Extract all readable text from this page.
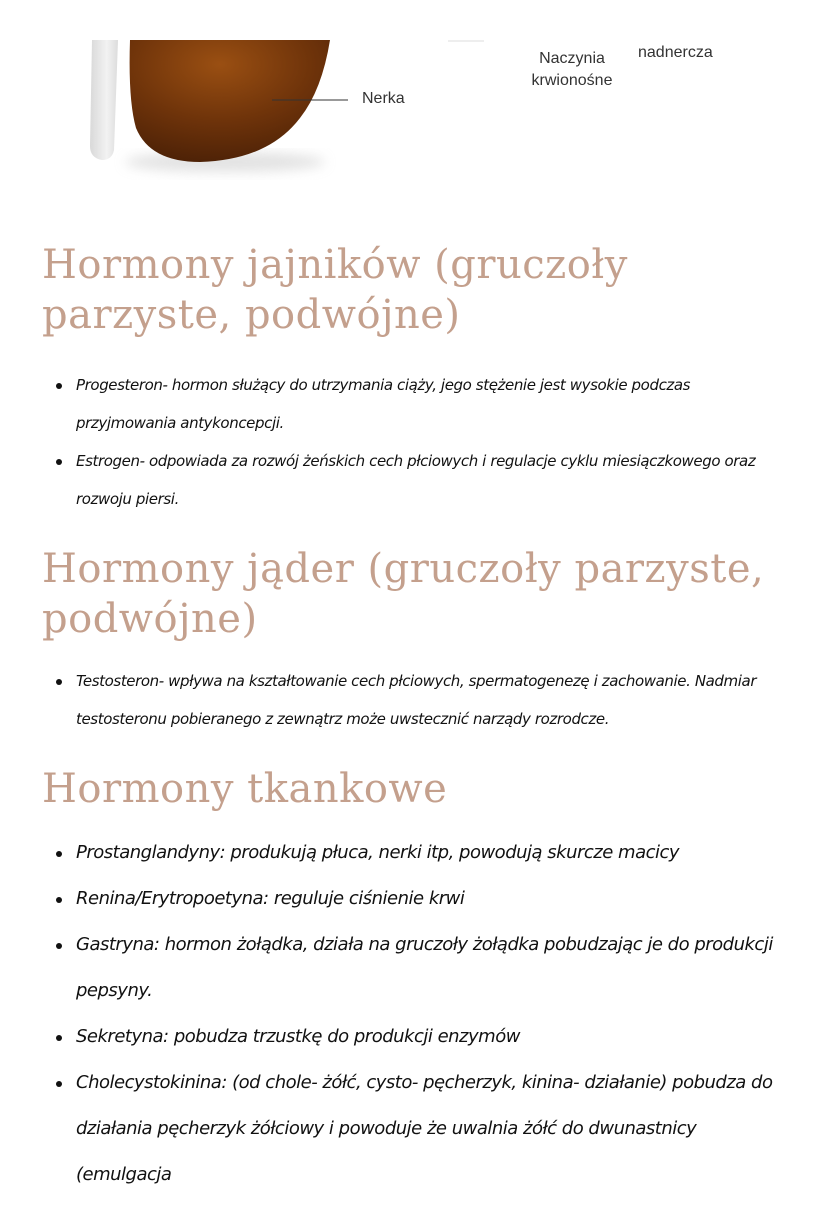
Nerka
Naczynia krwionośne
nadnercza
Hormony jajników (gruczoły parzyste, podwójne)
Progesteron- hormon służący do utrzymania ciąży, jego stężenie jest wysokie podczas przyjmowania antykoncepcji.
Estrogen- odpowiada za rozwój żeńskich cech płciowych i regulacje cyklu miesiączkowego oraz rozwoju piersi.
Hormony jąder (gruczoły parzyste, podwójne)
Testosteron- wpływa na kształtowanie cech płciowych, spermatogenezę i zachowanie. Nadmiar testosteronu pobieranego z zewnątrz może uwstecznić narządy rozrodcze.
Hormony tkankowe
Prostanglandyny: produkują płuca, nerki itp, powodują skurcze macicy
Renina/Erytropoetyna: reguluje ciśnienie krwi
Gastryna: hormon żołądka, działa na gruczoły żołądka pobudzając je do produkcji pepsyny.
Sekretyna: pobudza trzustkę do produkcji enzymów
Cholecystokinina: (od chole- żółć, cysto- pęcherzyk, kinina- działanie) pobudza do działania pęcherzyk żółciowy i powoduje że uwalnia żółć do dwunastnicy (emulgacja
